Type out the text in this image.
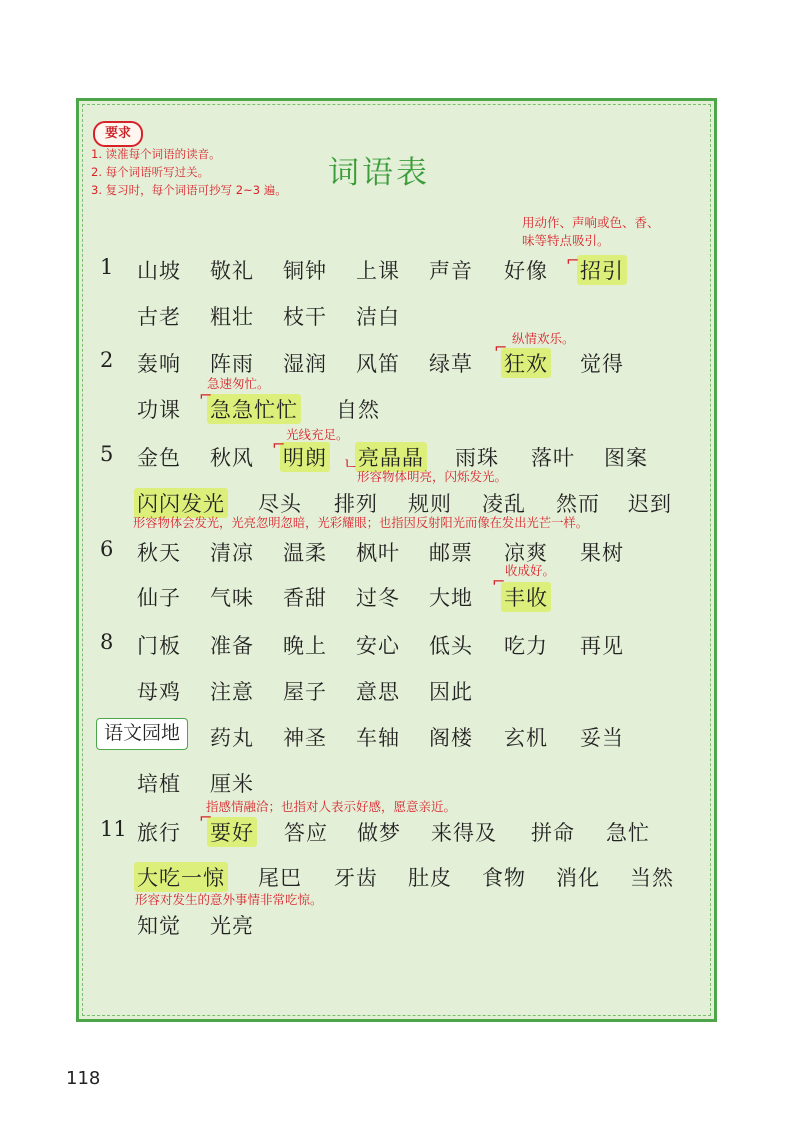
要求
1. 读准每个词语的读音。
2. 每个词语听写过关。
3. 复习时，每个词语可抄写 2~3 遍。 词语表
1 山坡 敬礼 铜钟 上课 声音 好像 招引
古老 粗壮 枝干 洁白
2 轰响 阵雨 湿润 风笛 绿草 狂欢 觉得
功课 急急忙忙 自然
5 金色 秋风 明朗 亮晶晶 雨珠 落叶 图案
闪闪发光 尽头 排列 规则 凌乱 然而 迟到
6 秋天 清凉 温柔 枫叶 邮票 凉爽 果树
仙子 气味 香甜 过冬 大地 丰收
8 门板 准备 晚上 安心 低头 吃力 再见
母鸡 注意 屋子 意思 因此
语文园地	药丸 神圣 车轴 阁楼 玄机 妥当
培植 厘米
11 旅行 要好 答应 做梦 来得及 拼命 急忙
大吃一惊 尾巴 牙齿 肚皮 食物 消化 当然
知觉 光亮
用动作、声响或色、香、
味等特点吸引。
⌐
纵情欢乐。
⌐
急速匆忙。
⌐
光线充足。
⌐
形容物体明亮，闪烁发光。
ㄴ
形容物体会发光，光亮忽明忽暗，光彩耀眼；也指因反射阳光而像在发出光芒一样。
收成好。
⌐
指感情融洽；也指对人表示好感，愿意亲近。
⌐
形容对发生的意外事情非常吃惊。
118
